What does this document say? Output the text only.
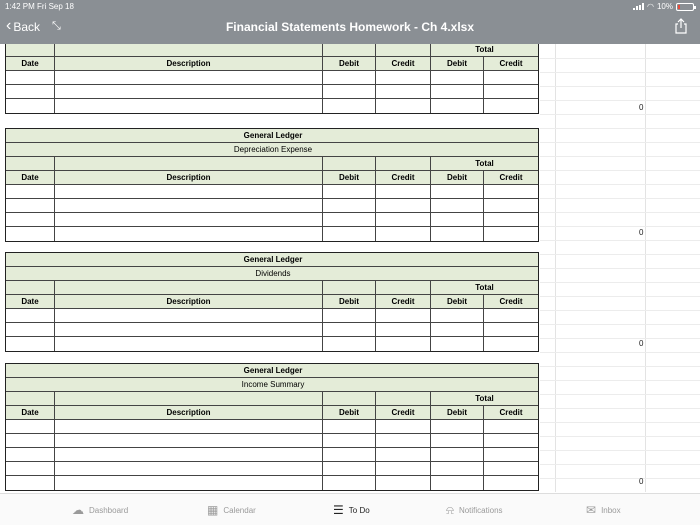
1:42 PM Fri Sep 18	◠ 10%
‹ Back ⤡	Financial Statements Homework - Ch 4.xlsx
Total
Date	Description	Debit	Credit	Debit	Credit
0
General Ledger
Depreciation Expense
Total
Date	Description	Debit	Credit	Debit	Credit
0
General Ledger
Dividends
Total
Date	Description	Debit	Credit	Debit	Credit
0
General Ledger
Income Summary
Total
Date	Description	Debit	Credit	Debit	Credit
0
☁ Dashboard	▦ Calendar	☰ To Do	⍾ Notifications	✉ Inbox
